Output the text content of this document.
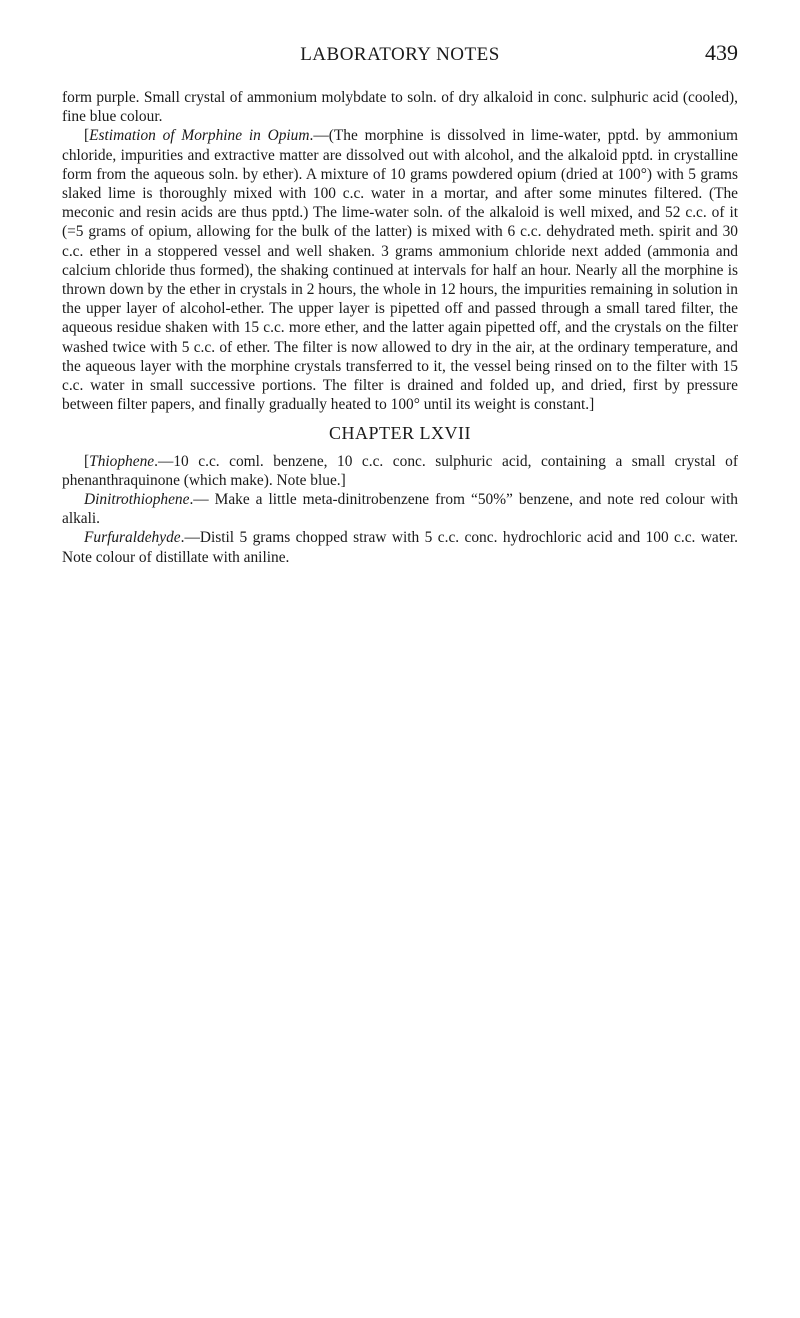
LABORATORY NOTES	439

form purple. Small crystal of ammonium molybdate to soln. of dry alkaloid in conc. sulphuric acid (cooled), fine blue colour.

[Estimation of Morphine in Opium.—(The morphine is dissolved in lime-water, pptd. by ammonium chloride, impurities and extractive matter are dissolved out with alcohol, and the alkaloid pptd. in crystalline form from the aqueous soln. by ether). A mixture of 10 grams powdered opium (dried at 100°) with 5 grams slaked lime is thoroughly mixed with 100 c.c. water in a mortar, and after some minutes filtered. (The meconic and resin acids are thus pptd.) The lime-water soln. of the alkaloid is well mixed, and 52 c.c. of it (=5 grams of opium, allowing for the bulk of the latter) is mixed with 6 c.c. dehydrated meth. spirit and 30 c.c. ether in a stoppered vessel and well shaken. 3 grams ammonium chloride next added (ammonia and calcium chloride thus formed), the shaking continued at intervals for half an hour. Nearly all the morphine is thrown down by the ether in crystals in 2 hours, the whole in 12 hours, the impurities remaining in solution in the upper layer of alcohol-ether. The upper layer is pipetted off and passed through a small tared filter, the aqueous residue shaken with 15 c.c. more ether, and the latter again pipetted off, and the crystals on the filter washed twice with 5 c.c. of ether. The filter is now allowed to dry in the air, at the ordinary temperature, and the aqueous layer with the morphine crystals transferred to it, the vessel being rinsed on to the filter with 15 c.c. water in small successive portions. The filter is drained and folded up, and dried, first by pressure between filter papers, and finally gradually heated to 100° until its weight is constant.]

CHAPTER LXVII

[Thiophene.—10 c.c. coml. benzene, 10 c.c. conc. sulphuric acid, containing a small crystal of phenanthraquinone (which make). Note blue.]

Dinitrothiophene.— Make a little meta-dinitrobenzene from “50%” benzene, and note red colour with alkali.

Furfuraldehyde.—Distil 5 grams chopped straw with 5 c.c. conc. hydrochloric acid and 100 c.c. water. Note colour of distillate with aniline.
